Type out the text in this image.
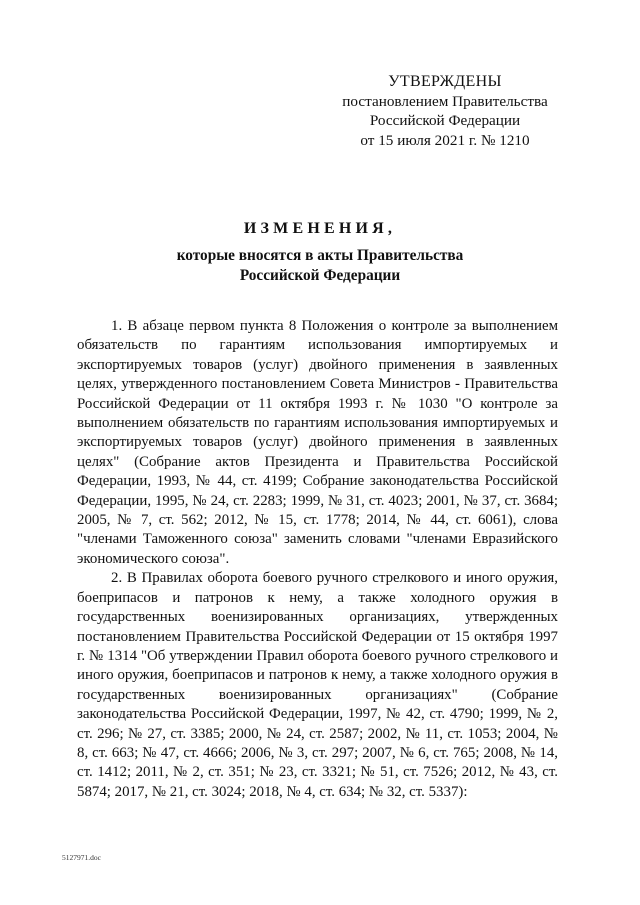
УТВЕРЖДЕНЫ
постановлением Правительства
Российской Федерации
от 15 июля 2021 г. № 1210
ИЗМЕНЕНИЯ,
которые вносятся в акты Правительства
Российской Федерации

1. В абзаце первом пункта 8 Положения о контроле за выполнением обязательств по гарантиям использования импортируемых и экспортируемых товаров (услуг) двойного применения в заявленных целях, утвержденного постановлением Совета Министров - Правительства Российской Федерации от 11 октября 1993 г. № 1030 "О контроле за выполнением обязательств по гарантиям использования импортируемых и экспортируемых товаров (услуг) двойного применения в заявленных целях" (Собрание актов Президента и Правительства Российской Федерации, 1993, № 44, ст. 4199; Собрание законодательства Российской Федерации, 1995, № 24, ст. 2283; 1999, № 31, ст. 4023; 2001, № 37, ст. 3684; 2005, № 7, ст. 562; 2012, № 15, ст. 1778; 2014, № 44, ст. 6061), слова "членами Таможенного союза" заменить словами "членами Евразийского экономического союза".

2. В Правилах оборота боевого ручного стрелкового и иного оружия, боеприпасов и патронов к нему, а также холодного оружия в государственных военизированных организациях, утвержденных постановлением Правительства Российской Федерации от 15 октября 1997 г. № 1314 "Об утверждении Правил оборота боевого ручного стрелкового и иного оружия, боеприпасов и патронов к нему, а также холодного оружия в государственных военизированных организациях" (Собрание законодательства Российской Федерации, 1997, № 42, ст. 4790; 1999, № 2, ст. 296; № 27, ст. 3385; 2000, № 24, ст. 2587; 2002, № 11, ст. 1053; 2004, № 8, ст. 663; № 47, ст. 4666; 2006, № 3, ст. 297; 2007, № 6, ст. 765; 2008, № 14, ст. 1412; 2011, № 2, ст. 351; № 23, ст. 3321; № 51, ст. 7526; 2012, № 43, ст. 5874; 2017, № 21, ст. 3024; 2018, № 4, ст. 634; № 32, ст. 5337):

5127971.doc
